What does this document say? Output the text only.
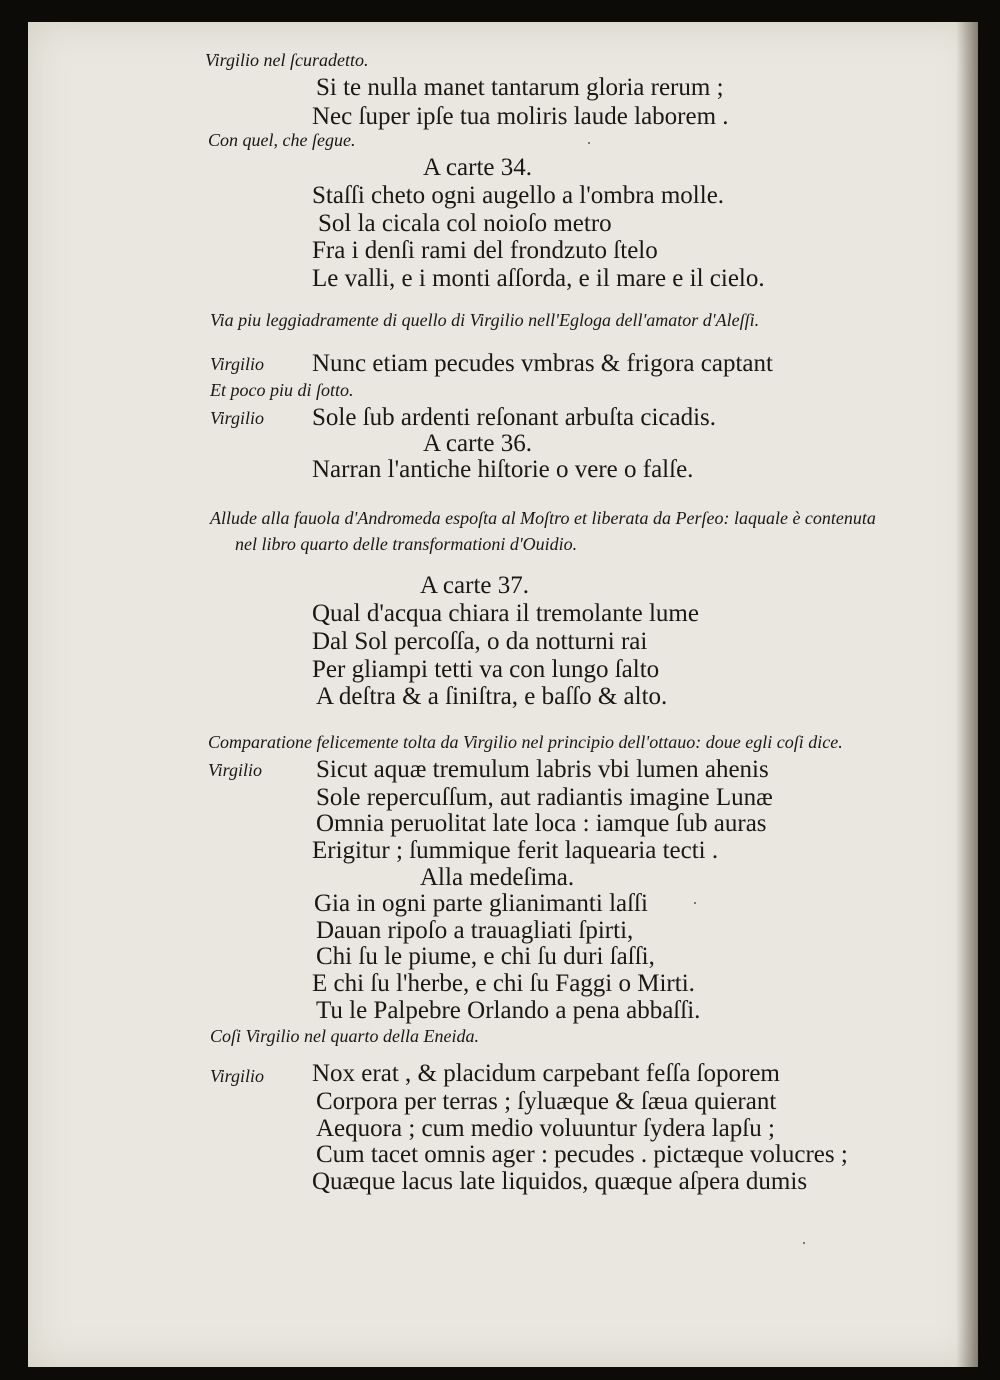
Virgilio nel ſcuradetto.
Si te nulla manet tantarum gloria rerum ;
Nec ſuper ipſe tua moliris laude laborem .
Con quel, che ſegue.
A carte 34.
Staſſi cheto ogni augello a l'ombra molle.
Sol la cicala col noioſo metro
Fra i denſi rami del frondzuto ſtelo
Le valli, e i monti aſſorda, e il mare e il cielo.
Via piu leggiadramente di quello di Virgilio nell'Egloga dell'amator d'Aleſſi.
Virgilio Nunc etiam pecudes vmbras & frigora captant
Et poco piu di ſotto.
Virgilio Sole ſub ardenti reſonant arbuſta cicadis.
A carte 36.
Narran l'antiche hiſtorie o vere o falſe.
Allude alla fauola d'Andromeda espoſta al Moſtro et liberata da Perſeo: laquale è contenuta
nel libro quarto delle transformationi d'Ouidio.
A carte 37.
Qual d'acqua chiara il tremolante lume
Dal Sol percoſſa, o da notturni rai
Per gliampi tetti va con lungo ſalto
A deſtra & a ſiniſtra, e baſſo & alto.
Comparatione felicemente tolta da Virgilio nel principio dell'ottauo: doue egli coſi dice.
Virgilio Sicut aquæ tremulum labris vbi lumen ahenis
Sole repercuſſum, aut radiantis imagine Lunæ
Omnia peruolitat late loca : iamque ſub auras
Erigitur ; ſummique ferit laquearia tecti .
Alla medeſima.
Gia in ogni parte glianimanti laſſi
Dauan ripoſo a trauagliati ſpirti,
Chi ſu le piume, e chi ſu duri ſaſſi,
E chi ſu l'herbe, e chi ſu Faggi o Mirti.
Tu le Palpebre Orlando a pena abbaſſi.
Coſi Virgilio nel quarto della Eneida.
Virgilio Nox erat , & placidum carpebant feſſa ſoporem
Corpora per terras ; ſyluæque & ſæua quierant
Aequora ; cum medio voluuntur ſydera lapſu ;
Cum tacet omnis ager : pecudes . pictæque volucres ;
Quæque lacus late liquidos, quæque aſpera dumis
